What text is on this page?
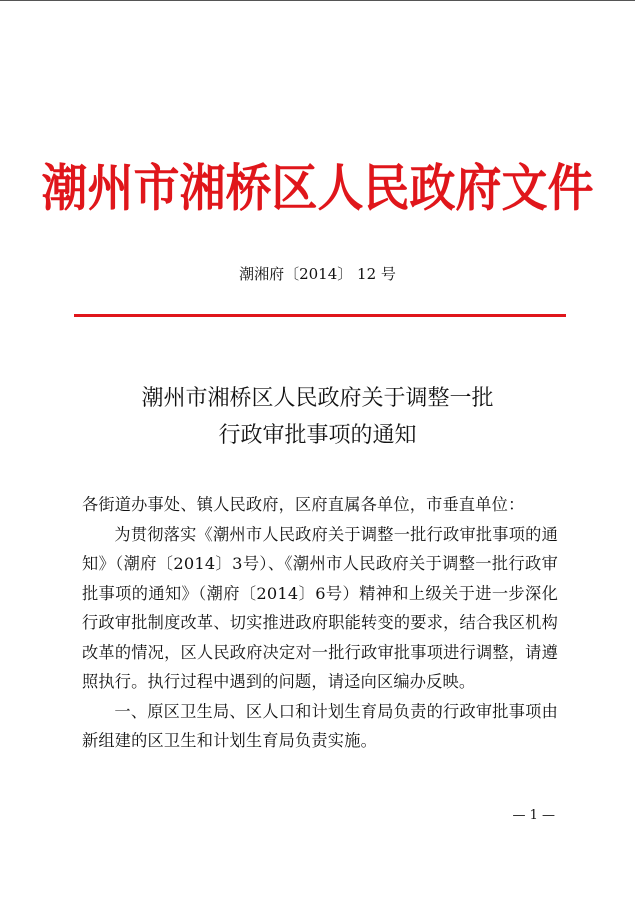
潮州市湘桥区人民政府文件
潮湘府〔2014〕 12 号
潮州市湘桥区人民政府关于调整一批
行政审批事项的通知

各街道办事处、镇人民政府，区府直属各单位，市垂直单位：

为贯彻落实《潮州市人民政府关于调整一批行政审批事项的通知》（潮府〔2014〕3号）、《潮州市人民政府关于调整一批行政审批事项的通知》（潮府〔2014〕6号）精神和上级关于进一步深化行政审批制度改革、切实推进政府职能转变的要求，结合我区机构改革的情况，区人民政府决定对一批行政审批事项进行调整，请遵照执行。执行过程中遇到的问题，请迳向区编办反映。

一、原区卫生局、区人口和计划生育局负责的行政审批事项由新组建的区卫生和计划生育局负责实施。

— 1 —
